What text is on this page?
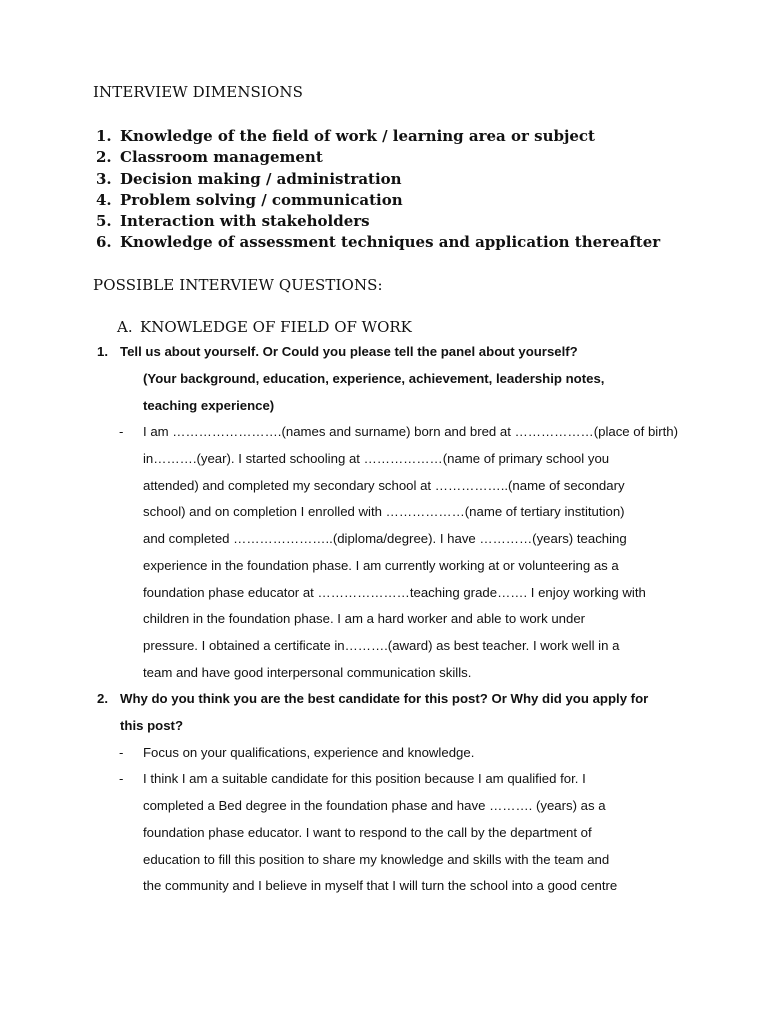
INTERVIEW DIMENSIONS
1. Knowledge of the field of work / learning area or subject
2. Classroom management
3. Decision making / administration
4. Problem solving / communication
5. Interaction with stakeholders
6. Knowledge of assessment techniques and application thereafter
POSSIBLE INTERVIEW QUESTIONS:
A. KNOWLEDGE OF FIELD OF WORK
1. Tell us about yourself. Or Could you please tell the panel about yourself?
(Your background, education, experience, achievement, leadership notes,
teaching experience)
- I am …………………….(names and surname) born and bred at ………………(place of birth)
in……….(year). I started schooling at ………………(name of primary school you
attended) and completed my secondary school at ……………..(name of secondary
school) and on completion I enrolled with ………………(name of tertiary institution)
and completed …………………..(diploma/degree). I have …………(years) teaching
experience in the foundation phase. I am currently working at or volunteering as a
foundation phase educator at …………………teaching grade……. I enjoy working with
children in the foundation phase. I am a hard worker and able to work under
pressure. I obtained a certificate in……….(award) as best teacher. I work well in a
team and have good interpersonal communication skills.
2. Why do you think you are the best candidate for this post? Or Why did you apply for
this post?
- Focus on your qualifications, experience and knowledge.
- I think I am a suitable candidate for this position because I am qualified for. I
completed a Bed degree in the foundation phase and have ………. (years) as a
foundation phase educator. I want to respond to the call by the department of
education to fill this position to share my knowledge and skills with the team and
the community and I believe in myself that I will turn the school into a good centre
